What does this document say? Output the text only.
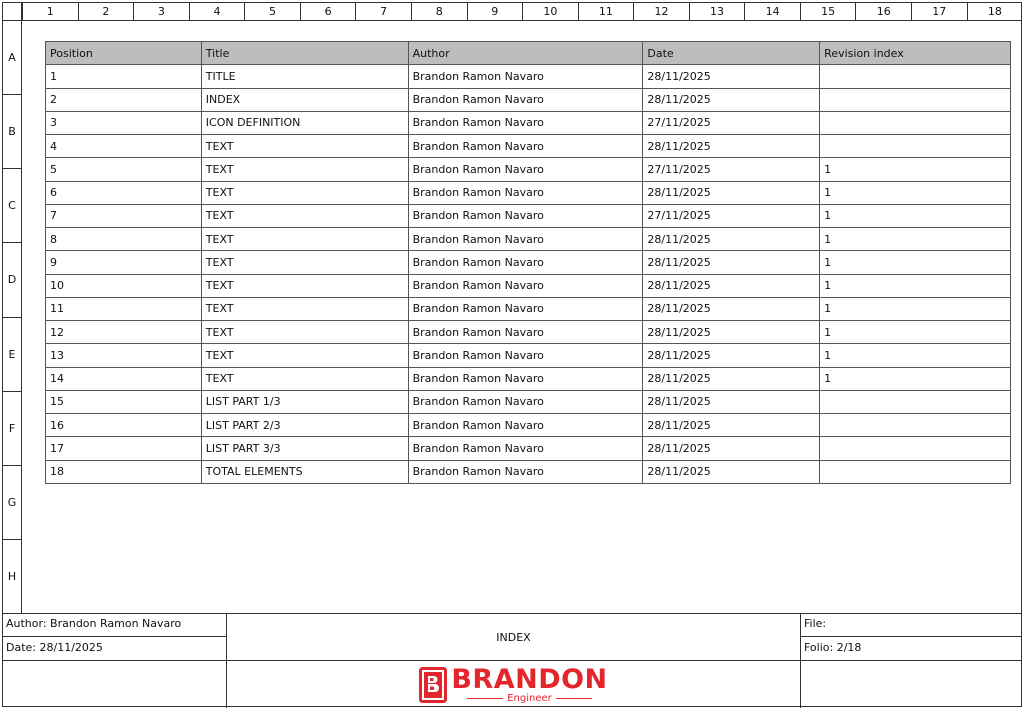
1	2	3	4	5	6	7	8	9	10	11	12	13	14	15	16	17	18
A
B
C
D
E
F
G
H
Position	Title	Author	Date	Revision index
1	TITLE	Brandon Ramon Navaro	28/11/2025	
2	INDEX	Brandon Ramon Navaro	28/11/2025	
3	ICON DEFINITION	Brandon Ramon Navaro	27/11/2025	
4	TEXT	Brandon Ramon Navaro	28/11/2025	
5	TEXT	Brandon Ramon Navaro	27/11/2025	1
6	TEXT	Brandon Ramon Navaro	28/11/2025	1
7	TEXT	Brandon Ramon Navaro	27/11/2025	1
8	TEXT	Brandon Ramon Navaro	28/11/2025	1
9	TEXT	Brandon Ramon Navaro	28/11/2025	1
10	TEXT	Brandon Ramon Navaro	28/11/2025	1
11	TEXT	Brandon Ramon Navaro	28/11/2025	1
12	TEXT	Brandon Ramon Navaro	28/11/2025	1
13	TEXT	Brandon Ramon Navaro	28/11/2025	1
14	TEXT	Brandon Ramon Navaro	28/11/2025	1
15	LIST PART 1/3	Brandon Ramon Navaro	28/11/2025	
16	LIST PART 2/3	Brandon Ramon Navaro	28/11/2025	
17	LIST PART 3/3	Brandon Ramon Navaro	28/11/2025	
18	TOTAL ELEMENTS	Brandon Ramon Navaro	28/11/2025	
Author: Brandon Ramon Navaro
Date: 28/11/2025
INDEX
File:
Folio: 2/18
BRANDON
Engineer
